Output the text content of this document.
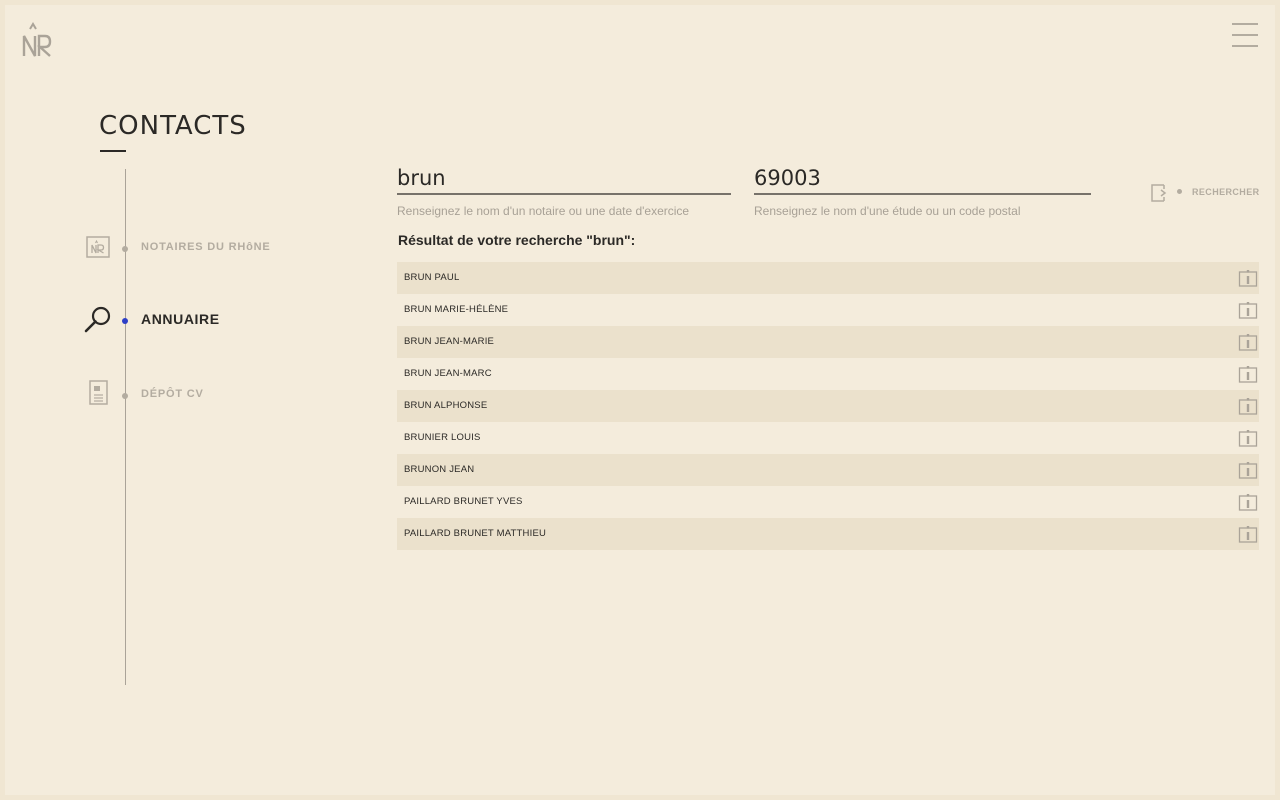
CONTACTS
NOTAIRES DU RHôNE
ANNUAIRE
DÉPÔT CV
brun
Renseignez le nom d'un notaire ou une date d'exercice
69003	Renseignez le nom d'une étude ou un code postal
RECHERCHER
Résultat de votre recherche "brun":
BRUN PAUL
BRUN MARIE-HÉLÈNE
BRUN JEAN-MARIE
BRUN JEAN-MARC
BRUN ALPHONSE
BRUNIER LOUIS
BRUNON JEAN
PAILLARD BRUNET YVES
PAILLARD BRUNET MATTHIEU
